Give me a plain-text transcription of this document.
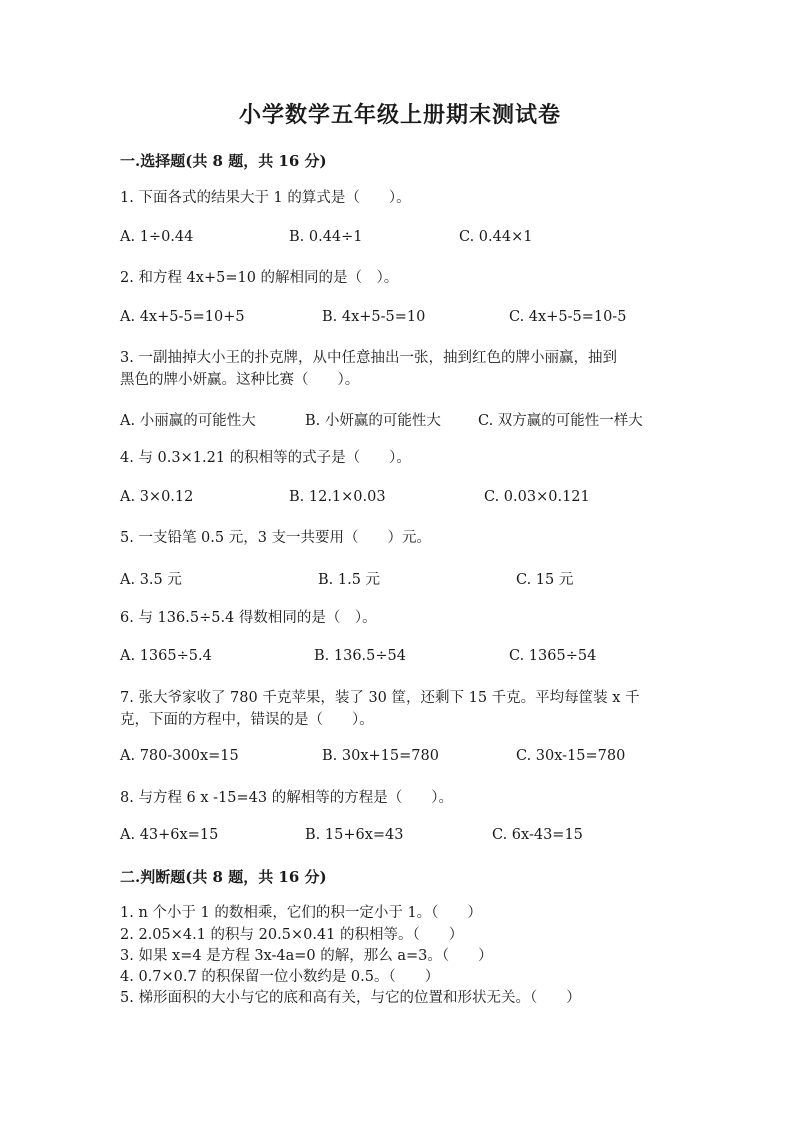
小学数学五年级上册期末测试卷
一.选择题(共 8 题，共 16 分)
1. 下面各式的结果大于 1 的算式是（　　）。
A. 1÷0.44	B. 0.44÷1	C. 0.44×1
2. 和方程 4x+5=10 的解相同的是（　）。
A. 4x+5-5=10+5	B. 4x+5-5=10	C. 4x+5-5=10-5
3. 一副抽掉大小王的扑克牌，从中任意抽出一张，抽到红色的牌小丽赢，抽到
黑色的牌小妍赢。这种比赛（　　）。
A. 小丽赢的可能性大	B. 小妍赢的可能性大	C. 双方赢的可能性一样大
4. 与 0.3×1.21 的积相等的式子是（　　）。
A. 3×0.12	B. 12.1×0.03	C. 0.03×0.121
5. 一支铅笔 0.5 元，3 支一共要用（　　）元。
A. 3.5 元	B. 1.5 元	C. 15 元
6. 与 136.5÷5.4 得数相同的是（　）。
A. 1365÷5.4	B. 136.5÷54	C. 1365÷54
7. 张大爷家收了 780 千克苹果，装了 30 筐，还剩下 15 千克。平均每筐装 x 千
克，下面的方程中，错误的是（　　）。
A. 780-300x=15	B. 30x+15=780	C. 30x-15=780
8. 与方程 6 x -15=43 的解相等的方程是（　　）。
A. 43+6x=15	B. 15+6x=43	C. 6x-43=15
二.判断题(共 8 题，共 16 分)
1. n 个小于 1 的数相乘，它们的积一定小于 1。（　　）
2. 2.05×4.1 的积与 20.5×0.41 的积相等。（　　）
3. 如果 x=4 是方程 3x-4a=0 的解，那么 a=3。（　　）
4. 0.7×0.7 的积保留一位小数约是 0.5。（　　）
5. 梯形面积的大小与它的底和高有关，与它的位置和形状无关。（　　）
